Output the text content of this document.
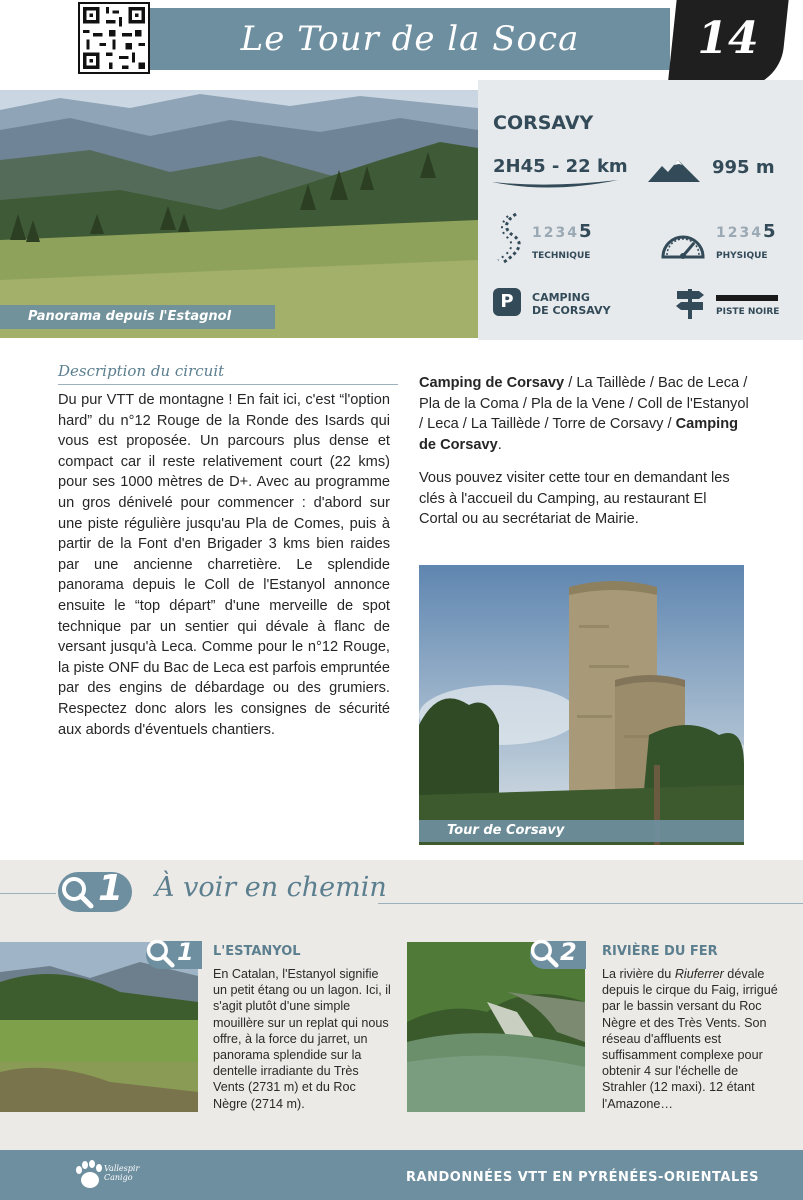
Le Tour de la Soca
PDF ET GPX
14
Panorama depuis l'Estagnol
CORSAVY
2H45 - 22 km	995 m
12345
TECHNIQUE
12345
PHYSIQUE
P	CAMPING
DE CORSAVY	PISTE NOIRE
Description du circuit
Du pur VTT de montagne ! En fait ici, c'est “l'option hard” du n°12 Rouge de la Ronde des Isards qui vous est proposée. Un parcours plus dense et compact car il reste relativement court (22 kms) pour ses 1000 mètres de D+. Avec au programme un gros dénivelé pour commencer : d'abord sur une piste régulière jusqu'au Pla de Comes, puis à partir de la Font d'en Brigader 3 kms bien raides par une ancienne charretière. Le splendide panorama depuis le Coll de l'Estanyol annonce ensuite le “top départ” d'une merveille de spot technique par un sentier qui dévale à flanc de versant jusqu'à Leca. Comme pour le n°12 Rouge, la piste ONF du Bac de Leca est parfois empruntée par des engins de débardage ou des grumiers. Respectez donc alors les consignes de sécurité aux abords d'éventuels chantiers.
Camping de Corsavy / La Taillède / Bac de Leca / Pla de la Coma / Pla de la Vene / Coll de l'Estanyol / Leca / La Taillède / Torre de Corsavy / Camping de Corsavy.
Vous pouvez visiter cette tour en demandant les clés à l'accueil du Camping, au restaurant El Cortal ou au secrétariat de Mairie.
Tour de Corsavy
1 À voir en chemin
1 L'ESTANYOL
En Catalan, l'Estanyol signifie un petit étang ou un lagon. Ici, il s'agit plutôt d'une simple mouillère sur un replat qui nous offre, à la force du jarret, un panorama splendide sur la dentelle irradiante du Très Vents (2731 m) et du Roc Nègre (2714 m).
2 RIVIÈRE DU FER
La rivière du Riuferrer dévale depuis le cirque du Faig, irrigué par le bassin versant du Roc Nègre et des Très Vents. Son réseau d'affluents est suffisamment complexe pour obtenir 4 sur l'échelle de Strahler (12 maxi). 12 étant l'Amazone…
Vallespir
Canigo	RANDONNÉES VTT EN PYRÉNÉES-ORIENTALES
